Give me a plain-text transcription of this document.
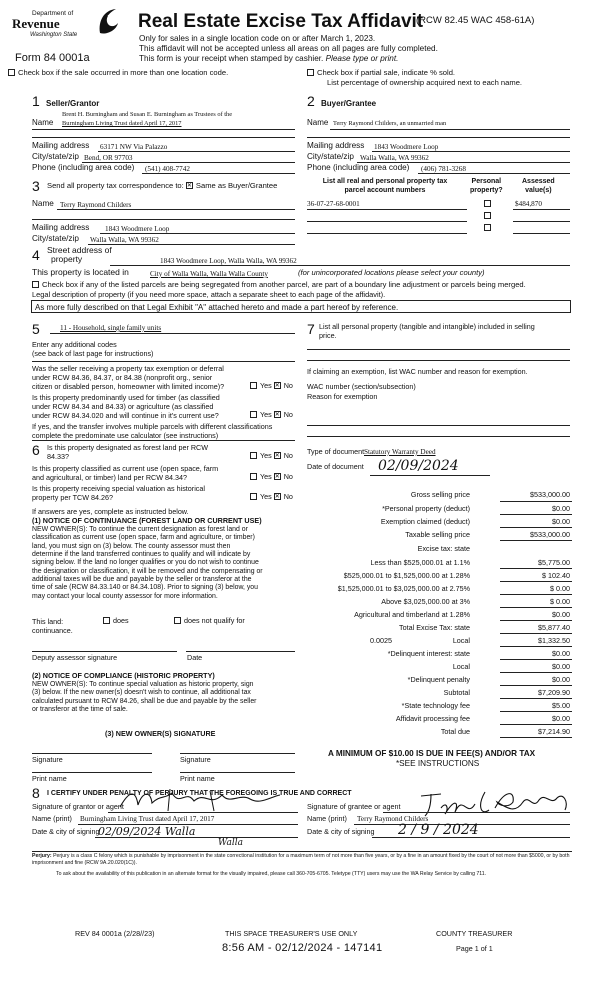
Department of
Revenue
Washington State
Form 84 0001a
Real Estate Excise Tax Affidavit
(RCW 82.45 WAC 458-61A)
Only for sales in a single location code on or after March 1, 2023.
This affidavit will not be accepted unless all areas on all pages are fully completed.
This form is your receipt when stamped by cashier. Please type or print.
Check box if the sale occurred in more than one location code.	Check box if partial sale, indicate % sold.
List percentage of ownership acquired next to each name.
1 Seller/Grantor
Brent H. Burningham and Susan E. Burningham as Trustees of the
Name Burningham Living Trust dated April 17, 2017
Mailing address 63171 NW Via Palazzo
City/state/zip Bend, OR 97703
Phone (including area code) (541) 408-7742
2 Buyer/Grantee
Name Terry Raymond Childers, an unmarried man
Mailing address 1843 Woodmere Loop
City/state/zip Walla Walla, WA 99362
Phone (including area code) (406) 781-3268
3 Send all property tax correspondence to: ✕ Same as Buyer/Grantee
Name Terry Raymond Childers
Mailing address 1843 Woodmere Loop
City/state/zip Walla Walla, WA 99362
List all real and personal property tax
parcel account numbers
Personal
property?
Assessed
value(s)
36-07-27-68-0001	$484,870
4 Street address of
property	1843 Woodmere Loop, Walla Walla, WA 99362
This property is located in	City of Walla Walla, Walla Walla County	(for unincorporated locations please select your county)
Check box if any of the listed parcels are being segregated from another parcel, are part of a boundary line adjustment or parcels being merged.
Legal description of property (if you need more space, attach a separate sheet to each page of the affidavit).
As more fully described on that Legal Exhibit "A" attached hereto and made a part hereof by reference.
5	11 - Household, single family units
Enter any additional codes
(see back of last page for instructions)
Was the seller receiving a property tax exemption or deferral
under RCW 84.36, 84.37, or 84.38 (nonprofit org., senior
citizen or disabled person, homeowner with limited income)?	Yes ✕ No
Is this property predominantly used for timber (as classified
under RCW 84.34 and 84.33) or agriculture (as classified
under RCW 84.34.020 and will continue in it's current use?	Yes ✕ No
If yes, and the transfer involves multiple parcels with different classifications
complete the predominate use calculator (see instructions)
6 Is this property designated as forest land per RCW
84.33?	Yes ✕ No
Is this property classified as current use (open space, farm
and agricultural, or timber) land per RCW 84.34?	Yes ✕ No
Is this property receiving special valuation as historical
property per TCW 84.26?	Yes ✕ No
If answers are yes, complete as instructed below.
(1) NOTICE OF CONTINUANCE (FOREST LAND OR CURRENT USE)
NEW OWNER(S): To continue the current designation as forest land or
classification as current use (open space, farm and agriculture, or timber)
land, you must sign on (3) below. The county assessor must then
determine if the land transferred continues to qualify and will indicate by
signing below. If the land no longer qualifies or you do not wish to continue
the designation or classification, it will be removed and the compensating or
additional taxes will be due and payable by the seller or transferor at the
time of sale (RCW 84.33.140 or 84.34.108). Prior to signing (3) below, you
may contact your local county assessor for more information.
This land:
continuance.
does	does not qualify for
Deputy assessor signature	Date
(2) NOTICE OF COMPLIANCE (HISTORIC PROPERTY)
NEW OWNER(S): To continue special valuation as historic property, sign
(3) below. If the new owner(s) doesn't wish to continue, all additional tax
calculated pursuant to RCW 84.26, shall be due and payable by the seller
or transferor at the time of sale.
(3) NEW OWNER(S) SIGNATURE
Signature	Signature
Print name	Print name
7 List all personal property (tangible and intangible) included in selling
price.
If claiming an exemption, list WAC number and reason for exemption.
WAC number (section/subsection)
Reason for exemption
Type of document Statutory Warranty Deed
Date of document 02/09/2024
Gross selling price	$533,000.00
*Personal property (deduct)	$0.00
Exemption claimed (deduct)	$0.00
Taxable selling price	$533,000.00
Excise tax: state
Less than $525,000.01 at 1.1%	$5,775.00
$525,000.01 to $1,525,000.00 at 1.28%	$ 102.40
$1,525,000.01 to $3,025,000.00 at 2.75%	$ 0.00
Above $3,025,000.00 at 3%	$ 0.00
Agricultural and timberland at 1.28%	$0.00
Total Excise Tax: state	$5,877.40
0.0025	Local	$1,332.50
*Delinquent interest: state	$0.00
Local	$0.00
*Delinquent penalty	$0.00
Subtotal	$7,209.90
*State technology fee	$5.00
Affidavit processing fee	$0.00
Total due	$7,214.90
A MINIMUM OF $10.00 IS DUE IN FEE(S) AND/OR TAX
*SEE INSTRUCTIONS
8 I CERTIFY UNDER PENALTY OF PERJURY THAT THE FOREGOING IS TRUE AND CORRECT
Signature of grantor or agent
Name (print) Burningham Living Trust dated April 17, 2017
Date & city of signing
02/09/2024 Walla
Walla
Signature of grantee or agent
Name (print) Terry Raymond Childers
Date & city of signing 2 / 9 / 2024
Perjury: Perjury is a class C felony which is punishable by imprisonment in the state correctional institution for a maximum term of not more than five years, or by a fine in an amount fixed by the court of not more than $5000, or by both imprisonment and fine (RCW 9A.20.020(1C)).
To ask about the availability of this publication in an alternate format for the visually impaired, please call 360-705-6705. Teletype (TTY) users may use the WA Relay Service by calling 711.
REV 84 0001a (2/28//23)	THIS SPACE TREASURER'S USE ONLY	COUNTY TREASURER
Page 1 of 1
8:56 AM - 02/12/2024 - 147141
